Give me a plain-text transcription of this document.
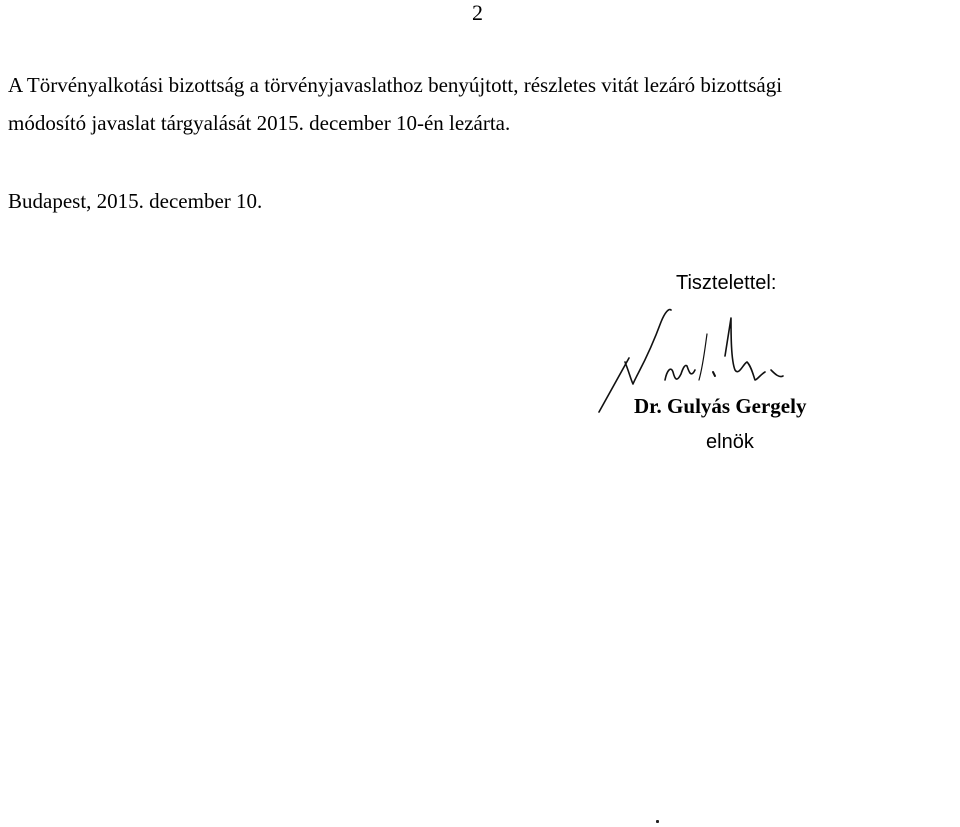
2
A Törvényalkotási bizottság a törvényjavaslathoz benyújtott, részletes vitát lezáró bizottsági
módosító javaslat tárgyalását 2015. december 10-én lezárta.
Budapest, 2015. december 10.
Tisztelettel:
Dr. Gulyás Gergely
elnök
